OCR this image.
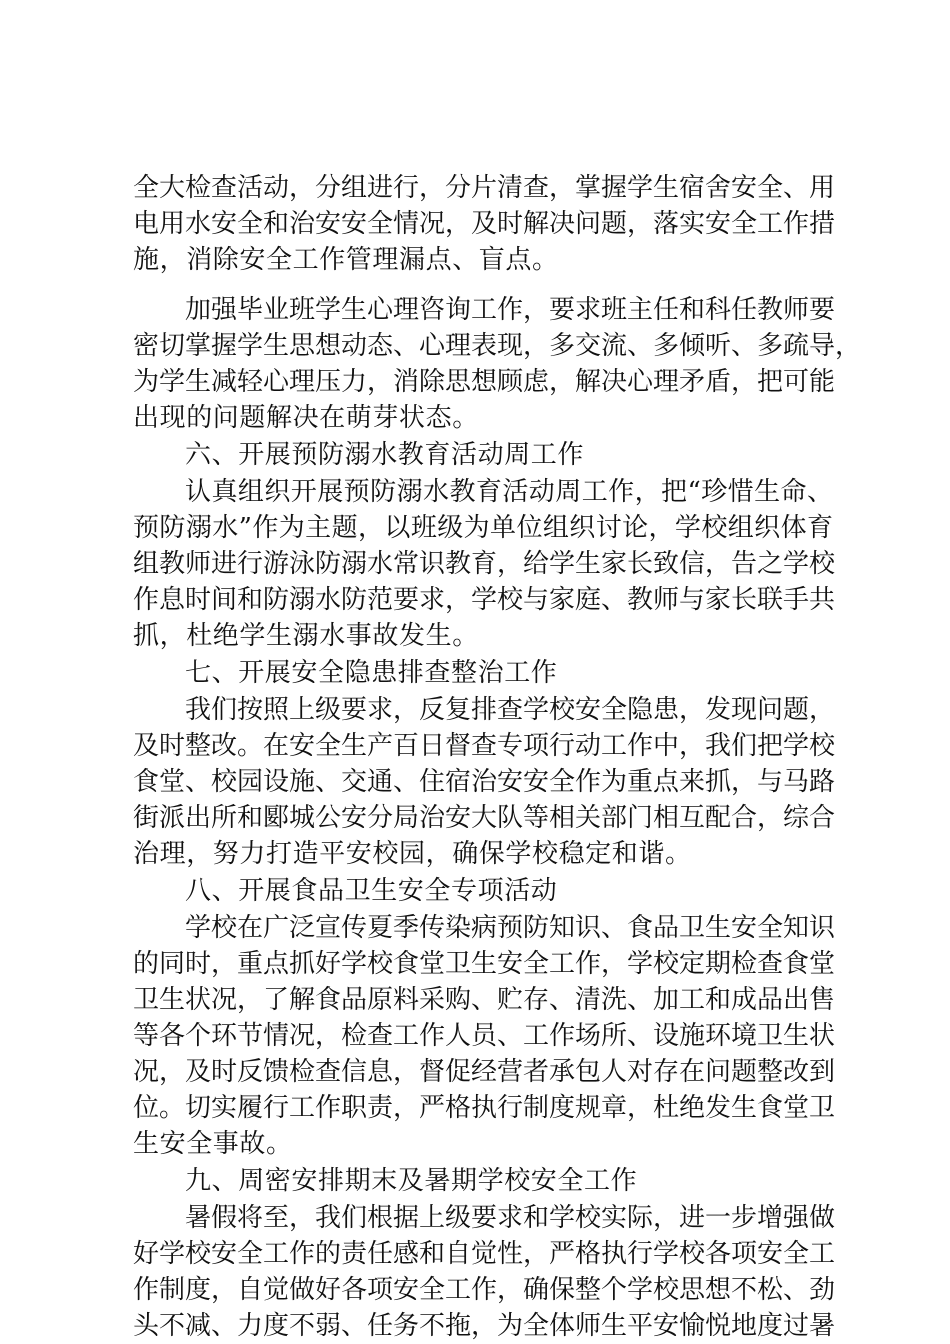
全大检查活动，分组进行，分片清查，掌握学生宿舍安全、用
电用水安全和治安安全情况，及时解决问题，落实安全工作措
施，消除安全工作管理漏点、盲点。
加强毕业班学生心理咨询工作，要求班主任和科任教师要
密切掌握学生思想动态、心理表现，多交流、多倾听、多疏导，
为学生减轻心理压力，消除思想顾虑，解决心理矛盾，把可能
出现的问题解决在萌芽状态。
六、开展预防溺水教育活动周工作
认真组织开展预防溺水教育活动周工作，把“珍惜生命、
预防溺水”作为主题，以班级为单位组织讨论，学校组织体育
组教师进行游泳防溺水常识教育，给学生家长致信，告之学校
作息时间和防溺水防范要求，学校与家庭、教师与家长联手共
抓，杜绝学生溺水事故发生。
七、开展安全隐患排查整治工作
我们按照上级要求，反复排查学校安全隐患，发现问题，
及时整改。在安全生产百日督查专项行动工作中，我们把学校
食堂、校园设施、交通、住宿治安安全作为重点来抓，与马路
街派出所和郾城公安分局治安大队等相关部门相互配合，综合
治理，努力打造平安校园，确保学校稳定和谐。
八、开展食品卫生安全专项活动
学校在广泛宣传夏季传染病预防知识、食品卫生安全知识
的同时，重点抓好学校食堂卫生安全工作，学校定期检查食堂
卫生状况，了解食品原料采购、贮存、清洗、加工和成品出售
等各个环节情况，检查工作人员、工作场所、设施环境卫生状
况，及时反馈检查信息，督促经营者承包人对存在问题整改到
位。切实履行工作职责，严格执行制度规章，杜绝发生食堂卫
生安全事故。
九、周密安排期末及暑期学校安全工作
暑假将至，我们根据上级要求和学校实际，进一步增强做
好学校安全工作的责任感和自觉性，严格执行学校各项安全工
作制度，自觉做好各项安全工作，确保整个学校思想不松、劲
头不减、力度不弱、任务不拖，为全体师生平安愉悦地度过暑
